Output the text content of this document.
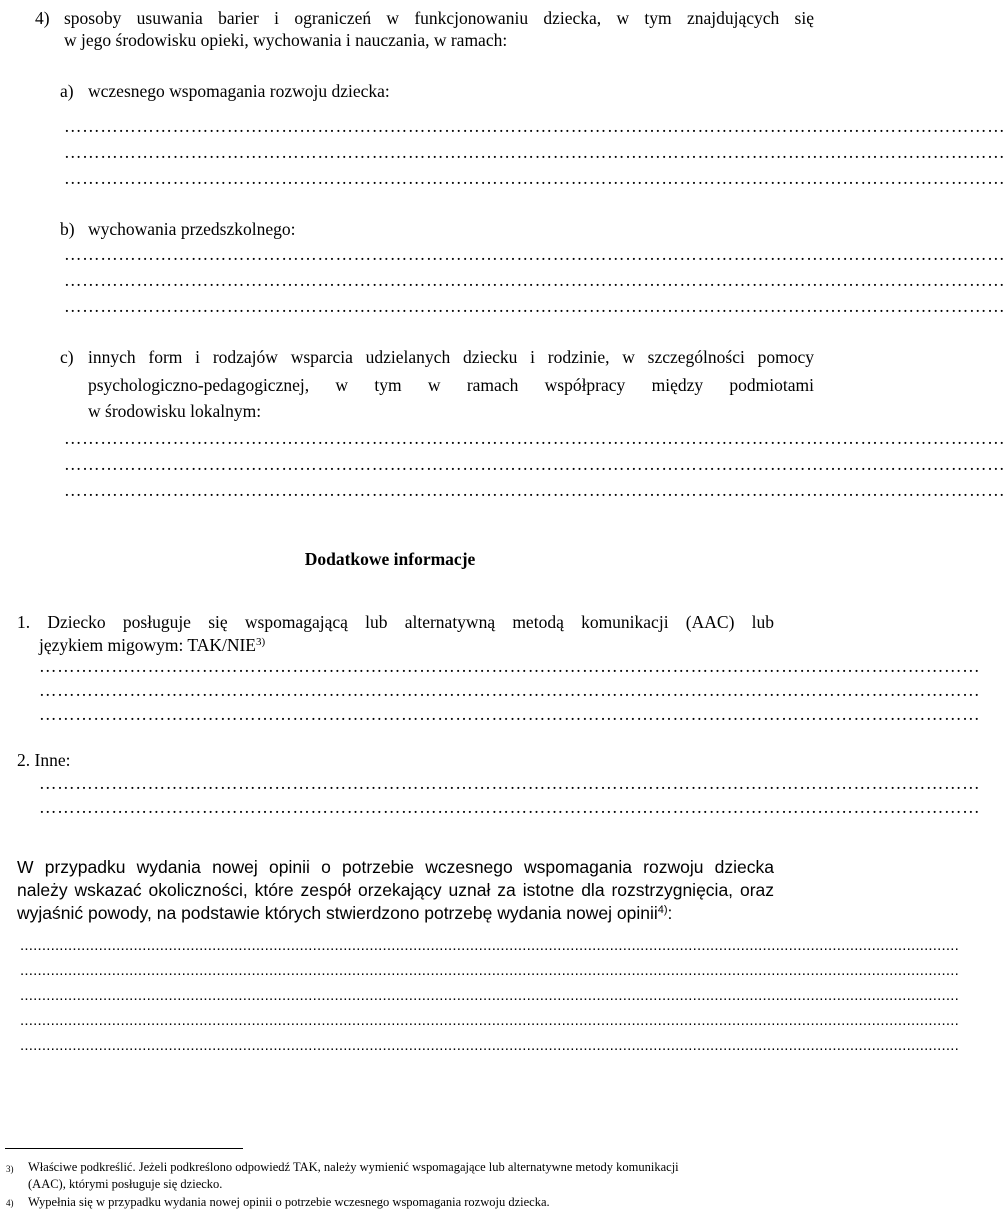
4) sposoby usuwania barier i ograniczeń w funkcjonowaniu dziecka, w tym znajdujących się
w jego środowisku opieki, wychowania i nauczania, w ramach:
a) wczesnego wspomagania rozwoju dziecka:
…………………………………………………………………………………………………………………………………………
…………………………………………………………………………………………………………………………………………
…………………………………………………………………………………………………………………………………………
b) wychowania przedszkolnego:
…………………………………………………………………………………………………………………………………………
…………………………………………………………………………………………………………………………………………
…………………………………………………………………………………………………………………………………………
c) innych form i rodzajów wsparcia udzielanych dziecku i rodzinie, w szczególności pomocy
psychologiczno-pedagogicznej, w tym w ramach współpracy między podmiotami
w środowisku lokalnym:
…………………………………………………………………………………………………………………………………………
…………………………………………………………………………………………………………………………………………
…………………………………………………………………………………………………………………………………………
Dodatkowe informacje
1. Dziecko posługuje się wspomagającą lub alternatywną metodą komunikacji (AAC) lub
językiem migowym: TAK/NIE$^{3)}$
…………………………………………………………………………………………………………………………………………
…………………………………………………………………………………………………………………………………………
…………………………………………………………………………………………………………………………………………
2. Inne:
…………………………………………………………………………………………………………………………………………
…………………………………………………………………………………………………………………………………………
W przypadku wydania nowej opinii o potrzebie wczesnego wspomagania rozwoju dziecka
należy wskazać okoliczności, które zespół orzekający uznał za istotne dla rozstrzygnięcia, oraz
wyjaśnić powody, na podstawie których stwierdzono potrzebę wydania nowej opinii$^{4)}$:
.......................................................................................................................................................................................................................
.......................................................................................................................................................................................................................
.......................................................................................................................................................................................................................
.......................................................................................................................................................................................................................
.......................................................................................................................................................................................................................
3) Właściwe podkreślić. Jeżeli podkreślono odpowiedź TAK, należy wymienić wspomagające lub alternatywne metody komunikacji
(AAC), którymi posługuje się dziecko.
4) Wypełnia się w przypadku wydania nowej opinii o potrzebie wczesnego wspomagania rozwoju dziecka.
